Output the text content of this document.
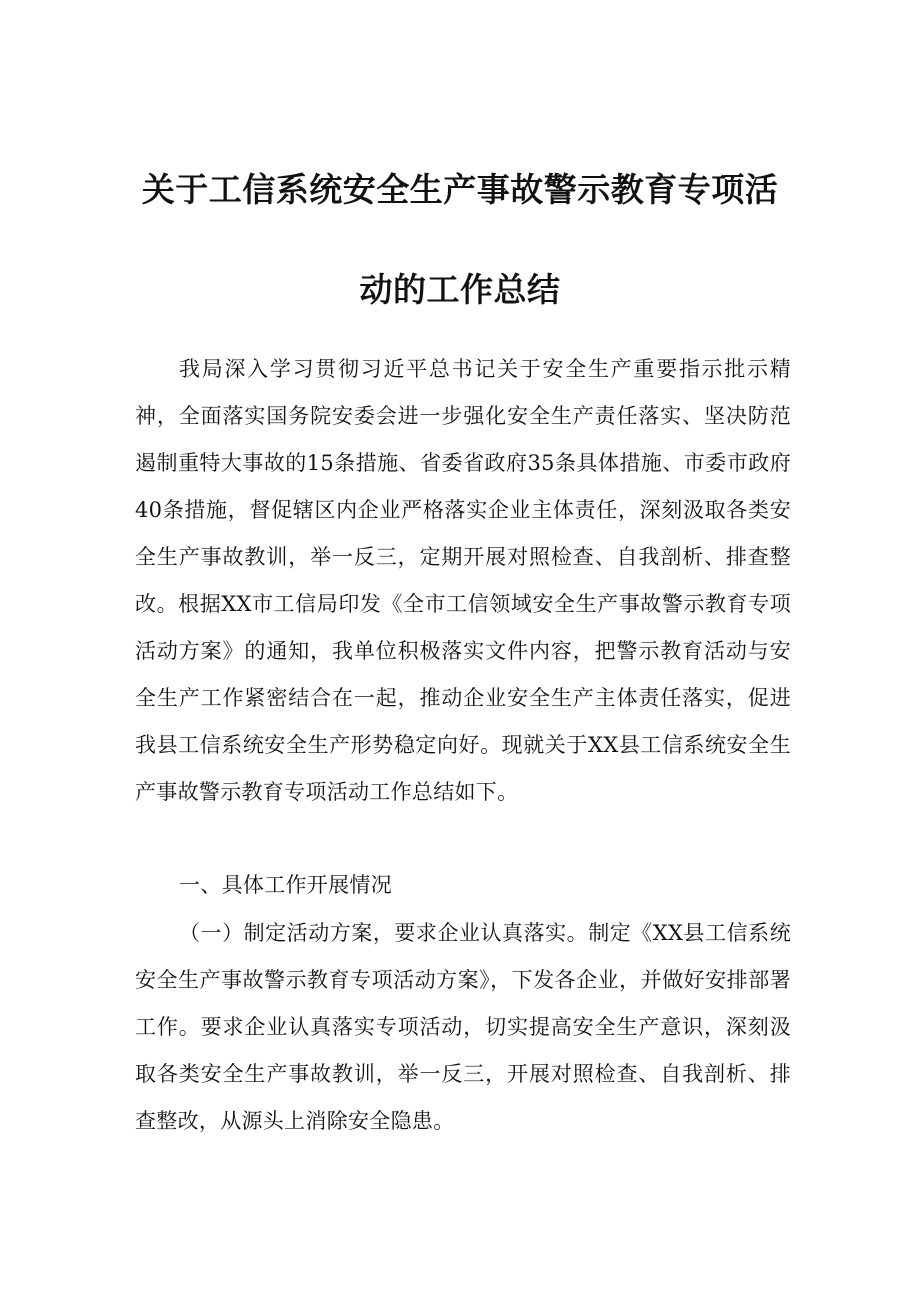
关于工信系统安全生产事故警示教育专项活
动的工作总结

我局深入学习贯彻习近平总书记关于安全生产重要指示批示精神，全面落实国务院安委会进一步强化安全生产责任落实、坚决防范遏制重特大事故的15条措施、省委省政府35条具体措施、市委市政府40条措施，督促辖区内企业严格落实企业主体责任，深刻汲取各类安全生产事故教训，举一反三，定期开展对照检查、自我剖析、排查整改。根据XX市工信局印发《全市工信领域安全生产事故警示教育专项活动方案》的通知，我单位积极落实文件内容，把警示教育活动与安全生产工作紧密结合在一起，推动企业安全生产主体责任落实，促进我县工信系统安全生产形势稳定向好。现就关于XX县工信系统安全生产事故警示教育专项活动工作总结如下。

一、具体工作开展情况

（一）制定活动方案，要求企业认真落实。制定《XX县工信系统安全生产事故警示教育专项活动方案》，下发各企业，并做好安排部署工作。要求企业认真落实专项活动，切实提高安全生产意识，深刻汲取各类安全生产事故教训，举一反三，开展对照检查、自我剖析、排查整改，从源头上消除安全隐患。
